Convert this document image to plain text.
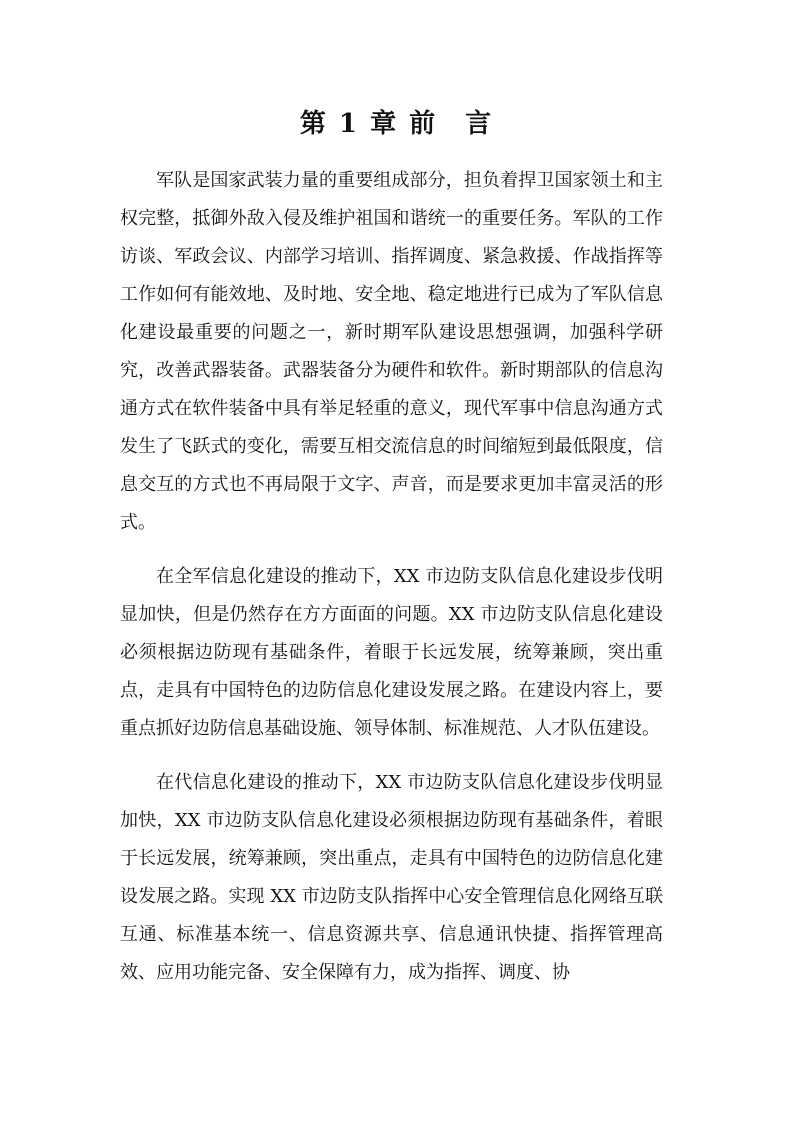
第 1 章 前　言

军队是国家武装力量的重要组成部分，担负着捍卫国家领土和主权完整，抵御外敌入侵及维护祖国和谐统一的重要任务。军队的工作访谈、军政会议、内部学习培训、指挥调度、紧急救援、作战指挥等工作如何有能效地、及时地、安全地、稳定地进行已成为了军队信息化建设最重要的问题之一，新时期军队建设思想强调，加强科学研究，改善武器装备。武器装备分为硬件和软件。新时期部队的信息沟通方式在软件装备中具有举足轻重的意义，现代军事中信息沟通方式发生了飞跃式的变化，需要互相交流信息的时间缩短到最低限度，信息交互的方式也不再局限于文字、声音，而是要求更加丰富灵活的形式。

在全军信息化建设的推动下，XX 市边防支队信息化建设步伐明显加快，但是仍然存在方方面面的问题。XX 市边防支队信息化建设必须根据边防现有基础条件，着眼于长远发展，统筹兼顾，突出重点，走具有中国特色的边防信息化建设发展之路。在建设内容上，要重点抓好边防信息基础设施、领导体制、标准规范、人才队伍建设。

在代信息化建设的推动下，XX 市边防支队信息化建设步伐明显加快，XX 市边防支队信息化建设必须根据边防现有基础条件，着眼于长远发展，统筹兼顾，突出重点，走具有中国特色的边防信息化建设发展之路。实现 XX 市边防支队指挥中心安全管理信息化网络互联互通、标准基本统一、信息资源共享、信息通讯快捷、指挥管理高效、应用功能完备、安全保障有力，成为指挥、调度、协
